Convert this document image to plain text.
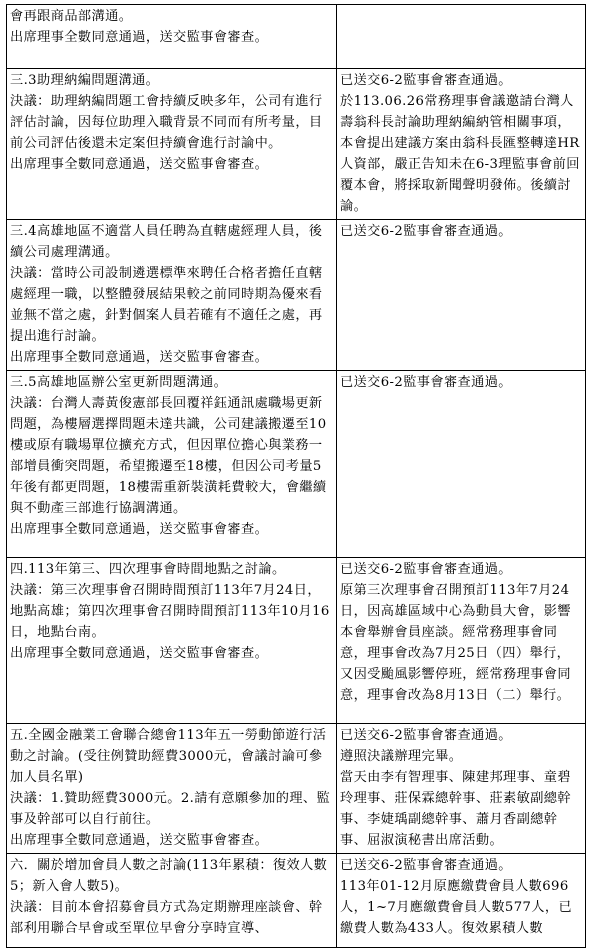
會再跟商品部溝通。
出席理事全數同意通過，送交監事會審查。	

三.3助理納編問題溝通。
決議：助理納編問題工會持續反映多年，公司有進行評估討論，因每位助理入職背景不同而有所考量，目前公司評估後還未定案但持續會進行討論中。
出席理事全數同意通過，送交監事會審查。	已送交6-2監事會審查通過。
於113.06.26常務理事會議邀請台灣人壽翁科長討論助理納編納管相關事項，本會提出建議方案由翁科長匯整轉達HR人資部，嚴正告知未在6-3理監事會前回覆本會，將採取新聞聲明發佈。後續討論。

三.4高雄地區不適當人員任聘為直轄處經理人員，後續公司處理溝通。
決議：當時公司設制遴選標準來聘任合格者擔任直轄處經理一職，以整體發展結果較之前同時期為優來看並無不當之處，針對個案人員若確有不適任之處，再提出進行討論。
出席理事全數同意通過，送交監事會審查。	已送交6-2監事會審查通過。

三.5高雄地區辦公室更新問題溝通。
決議：台灣人壽黃俊憲部長回覆祥鈺通訊處職場更新問題，為樓層選擇問題未達共識，公司建議搬遷至10樓或原有職場單位擴充方式，但因單位擔心與業務一部增員衝突問題，希望搬遷至18樓，但因公司考量5年後有都更問題，18樓需重新裝潢耗費較大，會繼續與不動產三部進行協調溝通。
出席理事全數同意通過，送交監事會審查。	已送交6-2監事會審查通過。

四.113年第三、四次理事會時間地點之討論。
決議：第三次理事會召開時間預訂113年7月24日，地點高雄；第四次理事會召開時間預訂113年10月16日，地點台南。
出席理事全數同意通過，送交監事會審查。	已送交6-2監事會審查通過。
原第三次理事會召開預訂113年7月24日，因高雄區域中心為動員大會，影響本會舉辦會員座談。經常務理事會同意，理事會改為7月25日（四）舉行，又因受颱風影響停班，經常務理事會同意，理事會改為8月13日（二）舉行。

五.全國金融業工會聯合總會113年五一勞動節遊行活動之討論。(受往例贊助經費3000元，會議討論可參加人員名單)
決議：1.贊助經費3000元。2.請有意願參加的理、監事及幹部可以自行前往。
出席理事全數同意通過，送交監事會審查。	已送交6-2監事會審查通過。
遵照決議辦理完畢。
當天由李有智理事、陳建邦理事、童碧玲理事、莊保霖總幹事、莊素敏副總幹事、李婕瑀副總幹事、蕭月香副總幹事、屈淑演秘書出席活動。

六．關於增加會員人數之討論(113年累積：復效人數5；新入會人數5)。
決議：目前本會招募會員方式為定期辦理座談會、幹部利用聯合早會或至單位早會分享時宣導、	已送交6-2監事會審查通過。
113年01-12月原應繳費會員人數696人，1~7月應繳費會員人數577人，已繳費人數為433人。復效累積人數
